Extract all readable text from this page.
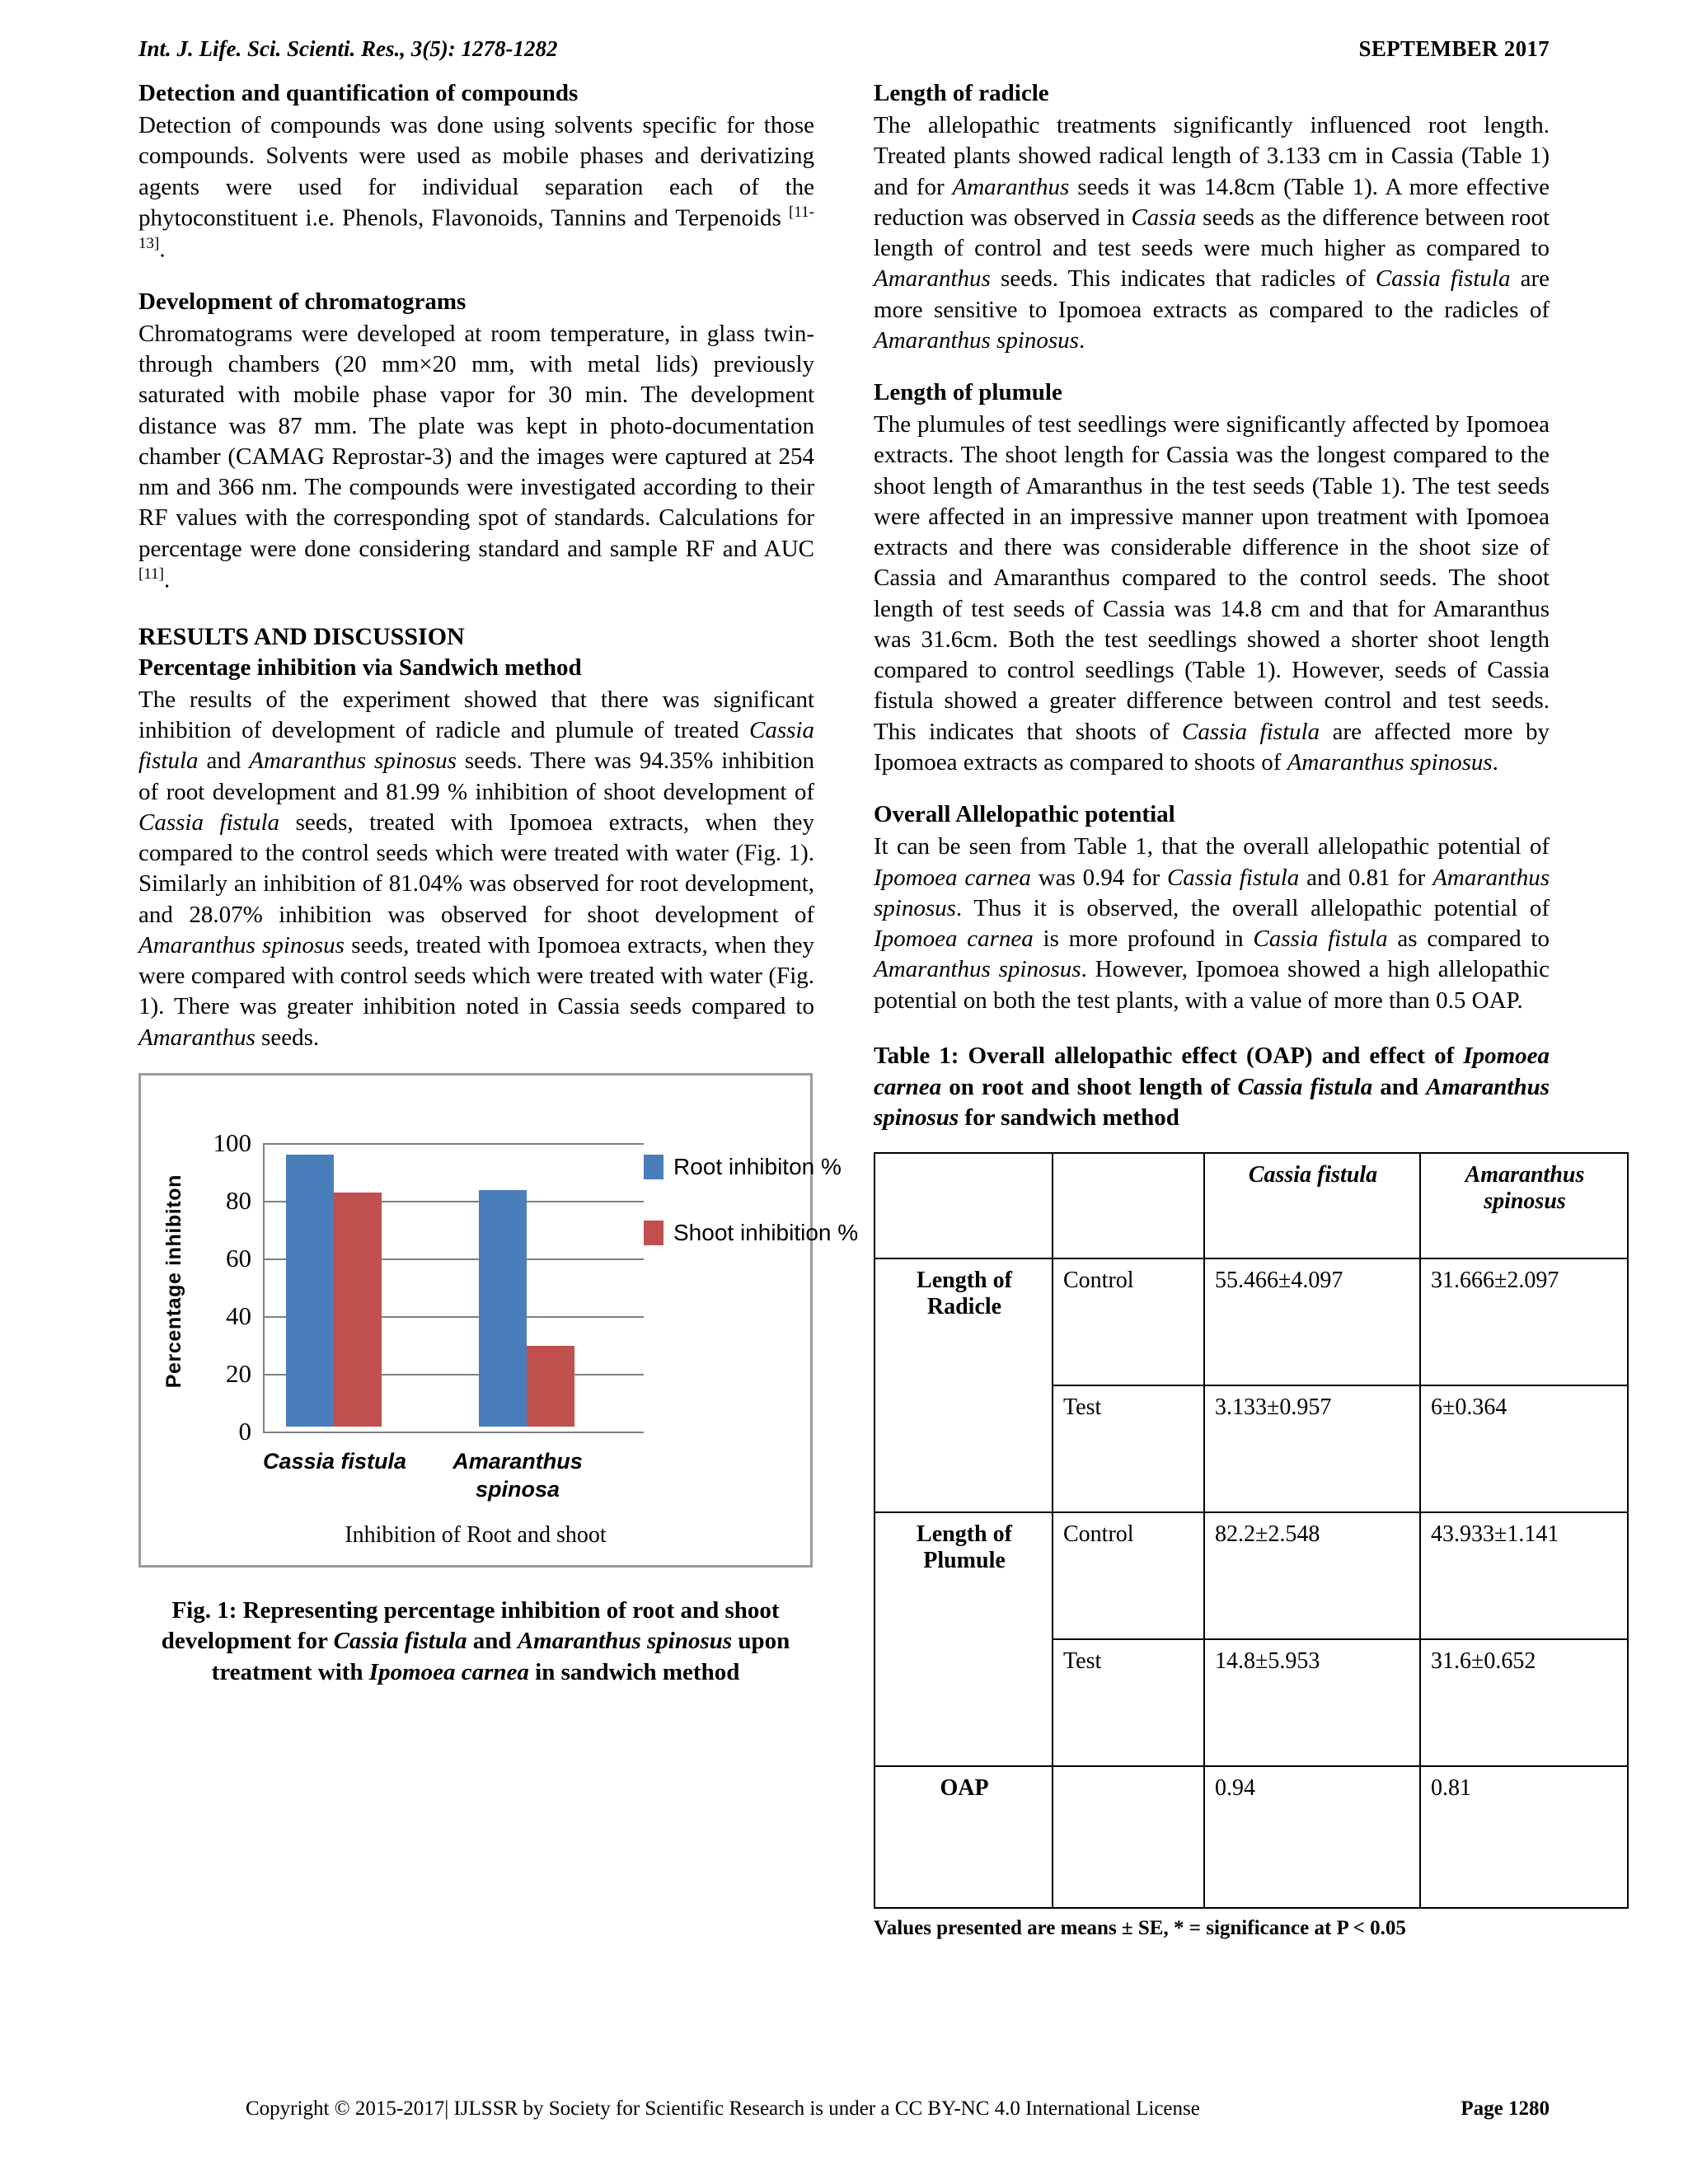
Int. J. Life. Sci. Scienti. Res., 3(5): 1278-1282	SEPTEMBER 2017
Detection and quantification of compounds

Detection of compounds was done using solvents specific for those compounds. Solvents were used as mobile phases and derivatizing agents were used for individual separation each of the phytoconstituent i.e. Phenols, Flavonoids, Tannins and Terpenoids [11-13].

Development of chromatograms

Chromatograms were developed at room temperature, in glass twin-through chambers (20 mm×20 mm, with metal lids) previously saturated with mobile phase vapor for 30 min. The development distance was 87 mm. The plate was kept in photo-documentation chamber (CAMAG Reprostar-3) and the images were captured at 254 nm and 366 nm. The compounds were investigated according to their RF values with the corresponding spot of standards. Calculations for percentage were done considering standard and sample RF and AUC [11].

RESULTS AND DISCUSSION
Percentage inhibition via Sandwich method

The results of the experiment showed that there was significant inhibition of development of radicle and plumule of treated Cassia fistula and Amaranthus spinosus seeds. There was 94.35% inhibition of root development and 81.99 % inhibition of shoot development of Cassia fistula seeds, treated with Ipomoea extracts, when they compared to the control seeds which were treated with water (Fig. 1). Similarly an inhibition of 81.04% was observed for root development, and 28.07% inhibition was observed for shoot development of Amaranthus spinosus seeds, treated with Ipomoea extracts, when they were compared with control seeds which were treated with water (Fig. 1). There was greater inhibition noted in Cassia seeds compared to Amaranthus seeds.

Percentage inhibiton
100
80
60
40
20
0
Cassia fistula	Amaranthus spinosa
Inhibition of Root and shoot
Root inhibiton %
Shoot inhibition %
Fig. 1: Representing percentage inhibition of root and shoot development for Cassia fistula and Amaranthus spinosus upon treatment with Ipomoea carnea in sandwich method
Length of radicle

The allelopathic treatments significantly influenced root length. Treated plants showed radical length of 3.133 cm in Cassia (Table 1) and for Amaranthus seeds it was 14.8cm (Table 1). A more effective reduction was observed in Cassia seeds as the difference between root length of control and test seeds were much higher as compared to Amaranthus seeds. This indicates that radicles of Cassia fistula are more sensitive to Ipomoea extracts as compared to the radicles of Amaranthus spinosus.

Length of plumule

The plumules of test seedlings were significantly affected by Ipomoea extracts. The shoot length for Cassia was the longest compared to the shoot length of Amaranthus in the test seeds (Table 1). The test seeds were affected in an impressive manner upon treatment with Ipomoea extracts and there was considerable difference in the shoot size of Cassia and Amaranthus compared to the control seeds. The shoot length of test seeds of Cassia was 14.8 cm and that for Amaranthus was 31.6cm. Both the test seedlings showed a shorter shoot length compared to control seedlings (Table 1). However, seeds of Cassia fistula showed a greater difference between control and test seeds. This indicates that shoots of Cassia fistula are affected more by Ipomoea extracts as compared to shoots of Amaranthus spinosus.

Overall Allelopathic potential

It can be seen from Table 1, that the overall allelopathic potential of Ipomoea carnea was 0.94 for Cassia fistula and 0.81 for Amaranthus spinosus. Thus it is observed, the overall allelopathic potential of Ipomoea carnea is more profound in Cassia fistula as compared to Amaranthus spinosus. However, Ipomoea showed a high allelopathic potential on both the test plants, with a value of more than 0.5 OAP.

Table 1: Overall allelopathic effect (OAP) and effect of Ipomoea carnea on root and shoot length of Cassia fistula and Amaranthus spinosus for sandwich method
		Cassia fistula	Amaranthus spinosus
Length of Radicle	Control	55.466±4.097	31.666±2.097
	Test	3.133±0.957	6±0.364
Length of Plumule	Control	82.2±2.548	43.933±1.141
	Test	14.8±5.953	31.6±0.652
OAP		0.94	0.81
Values presented are means ± SE, * = significance at P < 0.05
Copyright © 2015-2017| IJLSSR by Society for Scientific Research is under a CC BY-NC 4.0 International License	Page 1280
